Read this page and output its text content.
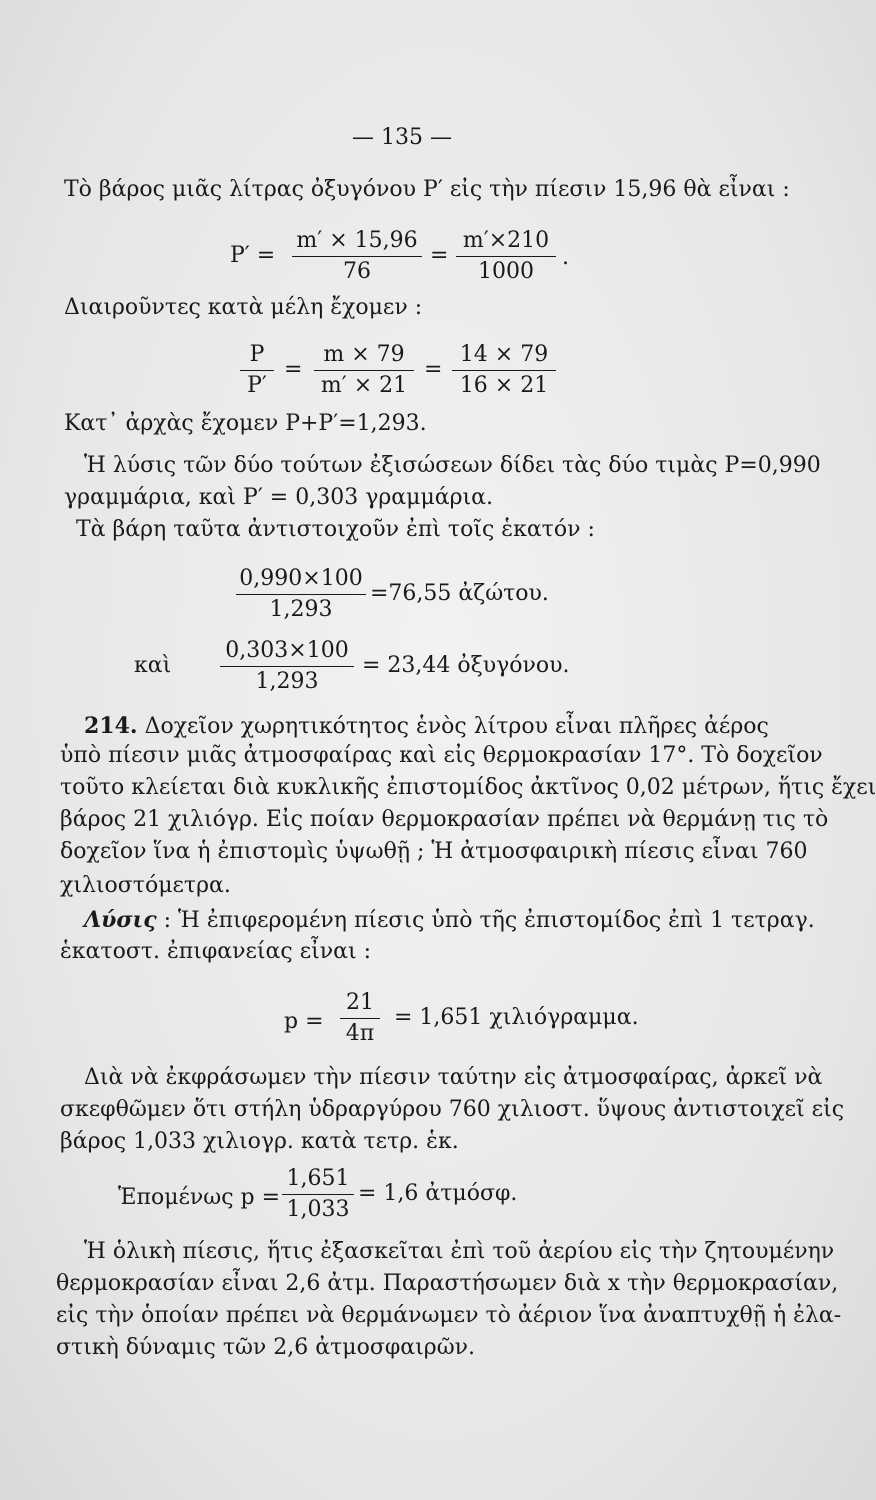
— 135 —
Τὸ βάρος μιᾶς λίτρας ὀξυγόνου P′ εἰς τὴν πίεσιν 15,96 θὰ εἶναι :
P′ =
m′ × 15,96
76
=
m′×210
1000
.
Διαιροῦντες κατὰ μέλη ἔχομεν :
P
P′
=
m × 79
m′ × 21
=
14 × 79
16 × 21
Κατ᾽ ἀρχὰς ἔχομεν P+P′=1,293.
Ἡ λύσις τῶν δύο τούτων ἐξισώσεων δίδει τὰς δύο τιμὰς P=0,990
γραμμάρια, καὶ P′ = 0,303 γραμμάρια.
Τὰ βάρη ταῦτα ἀντιστοιχοῦν ἐπὶ τοῖς ἑκατόν :
0,990×100
1,293
=76,55 ἀζώτου.
καὶ
0,303×100
1,293
= 23,44 ὀξυγόνου.
214. Δοχεῖον χωρητικότητος ἑνὸς λίτρου εἶναι πλῆρες ἀέρος
ὑπὸ πίεσιν μιᾶς ἀτμοσφαίρας καὶ εἰς θερμοκρασίαν 17°. Τὸ δοχεῖον
τοῦτο κλείεται διὰ κυκλικῆς ἐπιστομίδος ἀκτῖνος 0,02 μέτρων, ἥτις ἔχει
βάρος 21 χιλιόγρ. Εἰς ποίαν θερμοκρασίαν πρέπει νὰ θερμάνῃ τις τὸ
δοχεῖον ἵνα ἡ ἐπιστομὶς ὑψωθῇ ; Ἡ ἀτμοσφαιρικὴ πίεσις εἶναι 760
χιλιοστόμετρα.
Λύσις : Ἡ ἐπιφερομένη πίεσις ὑπὸ τῆς ἐπιστομίδος ἐπὶ 1 τετραγ.
ἑκατοστ. ἐπιφανείας εἶναι :
p =
21
4π
= 1,651 χιλιόγραμμα.
Διὰ νὰ ἐκφράσωμεν τὴν πίεσιν ταύτην εἰς ἀτμοσφαίρας, ἀρκεῖ νὰ
σκεφθῶμεν ὅτι στήλη ὑδραργύρου 760 χιλιοστ. ὕψους ἀντιστοιχεῖ εἰς
βάρος 1,033 χιλιογρ. κατὰ τετρ. ἑκ.
Ἑπομένως p =
1,651
1,033
= 1,6 ἀτμόσφ.
Ἡ ὁλικὴ πίεσις, ἥτις ἐξασκεῖται ἐπὶ τοῦ ἀερίου εἰς τὴν ζητουμένην
θερμοκρασίαν εἶναι 2,6 ἀτμ. Παραστήσωμεν διὰ x τὴν θερμοκρασίαν,
εἰς τὴν ὁποίαν πρέπει νὰ θερμάνωμεν τὸ ἀέριον ἵνα ἀναπτυχθῇ ἡ ἐλα-
στικὴ δύναμις τῶν 2,6 ἀτμοσφαιρῶν.
